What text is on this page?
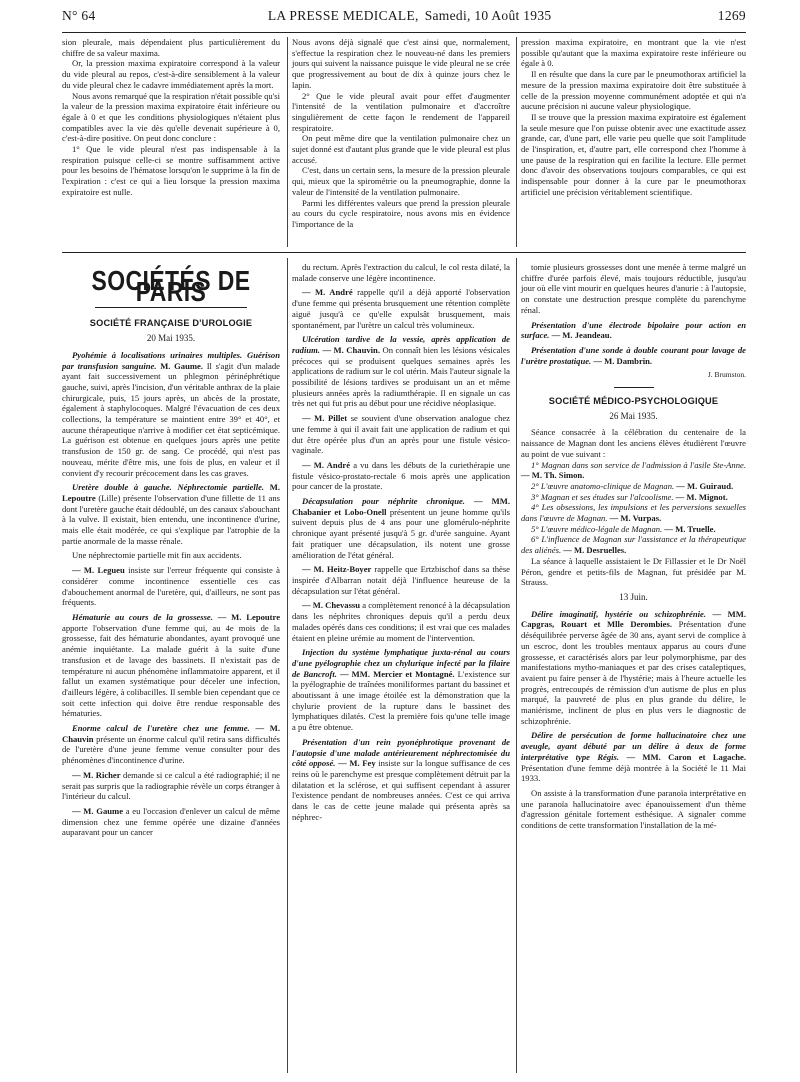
N° 64	LA PRESSE MEDICALE, Samedi, 10 Août 1935	1269

sion pleurale, mais dépendaient plus particulièrement du chiffre de sa valeur maxima.

Or, la pression maxima expiratoire correspond à la valeur du vide pleural au repos, c'est-à-dire sensiblement à la valeur du vide pleural chez le cadavre immédiatement après la mort.

Nous avons remarqué que la respiration n'était possible qu'si la valeur de la pression maxima expiratoire était inférieure ou égale à 0 et que les conditions physiologiques n'étaient plus compatibles avec la vie dès qu'elle devenait supérieure à 0, c'est-à-dire positive. On peut donc conclure :

1° Que le vide pleural n'est pas indispensable à la respiration puisque celle-ci se montre suffisamment active pour les besoins de l'hématose lorsqu'on le supprime à la fin de l'expiration : c'est ce qui a lieu lorsque la pression maxima expiratoire est nulle.

Nous avons déjà signalé que c'est ainsi que, normalement, s'effectue la respiration chez le nouveau-né dans les premiers jours qui suivent la naissance puisque le vide pleural ne se crée que progressivement au bout de dix à quinze jours chez le lapin.

2° Que le vide pleural avait pour effet d'augmenter l'intensité de la ventilation pulmonaire et d'accroître singulièrement de cette façon le rendement de l'appareil respiratoire.

On peut même dire que la ventilation pulmonaire chez un sujet donné est d'autant plus grande que le vide pleural est plus accusé.

C'est, dans un certain sens, la mesure de la pression pleurale qui, mieux que la spirométrie ou la pneumographie, donne la valeur de l'intensité de la ventilation pulmonaire.

Parmi les différentes valeurs que prend la pression pleurale au cours du cycle respiratoire, nous avons mis en évidence l'importance de la

pression maxima expiratoire, en montrant que la vie n'est possible qu'autant que la maxima expiratoire reste inférieure ou égale à 0.

Il en résulte que dans la cure par le pneumothorax artificiel la mesure de la pression maxima expiratoire doit être substituée à celle de la pression moyenne communément adoptée et qui n'a aucune précision ni aucune valeur physiologique.

Il se trouve que la pression maxima expiratoire est également la seule mesure que l'on puisse obtenir avec une exactitude assez grande, car, d'une part, elle varie peu quelle que soit l'amplitude de l'inspiration, et, d'autre part, elle correspond chez l'homme à une pause de la respiration qui en facilite la lecture. Elle permet donc d'avoir des observations toujours comparables, ce qui est indispensable pour donner à la cure par le pneumothorax artificiel une précision véritablement scientifique.

SOCIÉTÉS DE PARIS
SOCIÉTÉ FRANÇAISE D'UROLOGIE
20 Mai 1935.

Pyohémie à localisations urinaires multiples. Guérison par transfusion sanguine. M. Gaume. Il s'agit d'un malade ayant fait successivement un phlegmon périnéphrétique gauche, suivi, après l'incision, d'un véritable anthrax de la plaie chirurgicale, puis, 15 jours après, un abcès de la prostate, également à staphylocoques. Malgré l'évacuation de ces deux collections, la température se maintient entre 39° et 40°, et aucune thérapeutique n'arrive à modifier cet état septicémique. La guérison est obtenue en quelques jours après une petite transfusion de 150 gr. de sang. Ce procédé, qui n'est pas nouveau, mérite d'être mis, une fois de plus, en valeur et il convient d'y recourir précocement dans les cas graves.

Uretère double à gauche. Néphrectomie partielle. M. Lepoutre (Lille) présente l'observation d'une fillette de 11 ans dont l'uretère gauche était dédoublé, un des canaux s'abouchant à la vulve. Il existait, bien entendu, une incontinence d'urine, mais elle était modérée, ce qui s'explique par l'atrophie de la partie anormale de la masse rénale.

Une néphrectomie partielle mit fin aux accidents.

— M. Legueu insiste sur l'erreur fréquente qui consiste à considérer comme incontinence essentielle ces cas d'abouchement anormal de l'uretère, qui, d'ailleurs, ne sont pas fréquents.

Hématurie au cours de la grossesse. — M. Lepoutre apporte l'observation d'une femme qui, au 4e mois de la grossesse, fait des hématurie abondantes, ayant provoqué une anémie inquiétante. La malade guérit à la suite d'une transfusion et de lavage des bassinets. Il n'existait pas de température ni aucun phénomène inflammatoire apparent, et il fallut un examen systématique pour déceler une infection, d'ailleurs légère, à colibacilles. Il semble bien cependant que ce soit cette infection qui doive être rendue responsable des hématuries.

Enorme calcul de l'uretère chez une femme. — M. Chauvin présente un énorme calcul qu'il retira sans difficultés de l'uretère d'une jeune femme venue consulter pour des phénomènes d'incontinence d'urine.

— M. Richer demande si ce calcul a été radiographié; il ne serait pas surpris que la radiographie révèle un corps étranger à l'intérieur du calcul.

— M. Gaume a eu l'occasion d'enlever un calcul de même dimension chez une femme opérée une dizaine d'années auparavant pour un cancer

du rectum. Après l'extraction du calcul, le col resta dilaté, la malade conserve une légère incontinence.

— M. André rappelle qu'il a déjà apporté l'observation d'une femme qui présenta brusquement une rétention complète aiguë jusqu'à ce qu'elle expulsât brusquement, mais spontanément, par l'urètre un calcul très volumineux.

Ulcération tardive de la vessie, après application de radium. — M. Chauvin. On connaît bien les lésions vésicales précoces qui se produisent quelques semaines après les applications de radium sur le col utérin. Mais l'auteur signale la possibilité de lésions tardives se produisant un an et même plusieurs années après la radiumthérapie. Il en signale un cas très net qui fut pris au début pour une récidive néoplasique.

— M. Pillet se souvient d'une observation analogue chez une femme à qui il avait fait une application de radium et qui dut être opérée plus d'un an après pour une fistule vésico-vaginale.

— M. André a vu dans les débuts de la curiethérapie une fistule vésico-prostato-rectale 6 mois après une application pour cancer de la prostate.

Décapsulation pour néphrite chronique. — MM. Chabanier et Lobo-Onell présentent un jeune homme qu'ils suivent depuis plus de 4 ans pour une glomérulo-néphrite chronique ayant présenté jusqu'à 5 gr. d'urée sanguine. Ayant fait pratiquer une décapsulation, ils notent une grosse amélioration de l'état général.

— M. Heitz-Boyer rappelle que Ertzbischof dans sa thèse inspirée d'Albarran notait déjà l'influence heureuse de la décapsulation sur l'état général.

— M. Chevassu a complètement renoncé à la décapsulation dans les néphrites chroniques depuis qu'il a perdu deux malades opérés dans ces conditions; il est vrai que ces malades étaient en pleine urémie au moment de l'intervention.

Injection du système lymphatique juxta-rénal au cours d'une pyélographie chez un chylurique infecté par la filaire de Bancroft. — MM. Mercier et Montagné. L'existence sur la pyélographie de traînées moniliformes partant du bassinet et aboutissant à une image étoilée est la démonstration que la chylurie provient de la rupture dans le bassinet des lymphatiques dilatés. C'est la première fois qu'une telle image a pu être obtenue.

Présentation d'un rein pyonéphrotique provenant de l'autopsie d'une malade antérieurement néphrectomisée du côté opposé. — M. Fey insiste sur la longue suffisance de ces reins où le parenchyme est presque complètement détruit par la dilatation et la sclérose, et qui suffisent cependant à assurer l'existence pendant de nombreuses années. C'est ce qui arriva dans le cas de cette jeune malade qui présenta après sa néphrec-

tomie plusieurs grossesses dont une menée à terme malgré un chiffre d'urée parfois élevé, mais toujours réductible, jusqu'au jour où elle vint mourir en quelques heures d'anurie : à l'autopsie, on constate une destruction presque complète du parenchyme rénal.

Présentation d'une électrode bipolaire pour action en surface. — M. Jeandeau.

Présentation d'une sonde à double courant pour lavage de l'urètre prostatique. — M. Dambrin.

J. Brumston.
SOCIÉTÉ MÉDICO-PSYCHOLOGIQUE
26 Mai 1935.

Séance consacrée à la célébration du centenaire de la naissance de Magnan dont les anciens élèves étudièrent l'œuvre au point de vue suivant :

1° Magnan dans son service de l'admission à l'asile Ste-Anne. — M. Th. Simon.

2° L'œuvre anatomo-clinique de Magnan. — M. Guiraud.

3° Magnan et ses études sur l'alcoolisme. — M. Mignot.

4° Les obsessions, les impulsions et les perversions sexuelles dans l'œuvre de Magnan. — M. Vurpas.

5° L'œuvre médico-légale de Magnan. — M. Truelle.

6° L'influence de Magnan sur l'assistance et la thérapeutique des aliénés. — M. Desruelles.

La séance à laquelle assistaient le Dr Fillassier et le Dr Noël Péron, gendre et petits-fils de Magnan, fut présidée par M. Strauss.

13 Juin.

Délire imaginatif, hystérie ou schizophrénie. — MM. Capgras, Rouart et Mlle Derombies. Présentation d'une déséquilibrée perverse âgée de 30 ans, ayant servi de complice à un escroc, dont les troubles mentaux apparus au cours d'une grossesse, et caractérisés alors par leur polymorphisme, par des manifestations mytho-maniaques et par des crises cataleptiques, avaient pu faire penser à de l'hystérie; mais à l'heure actuelle les progrès, entrecoupés de rémission d'un autisme de plus en plus marqué, la pauvreté de plus en plus grande du délire, le maniérisme, inclinent de plus en plus vers le diagnostic de schizophrénie.

Délire de persécution de forme hallucinatoire chez une aveugle, ayant débuté par un délire à deux de forme interprétative type Régis. — MM. Caron et Lagache. Présentation d'une femme déjà montrée à la Société le 11 Mai 1933.

On assiste à la transformation d'une paranoïa interprétative en une paranoïa hallucinatoire avec épanouissement d'un thème d'agression génitale fortement esthésique. A signaler comme conditions de cette transformation l'installation de la mé-
